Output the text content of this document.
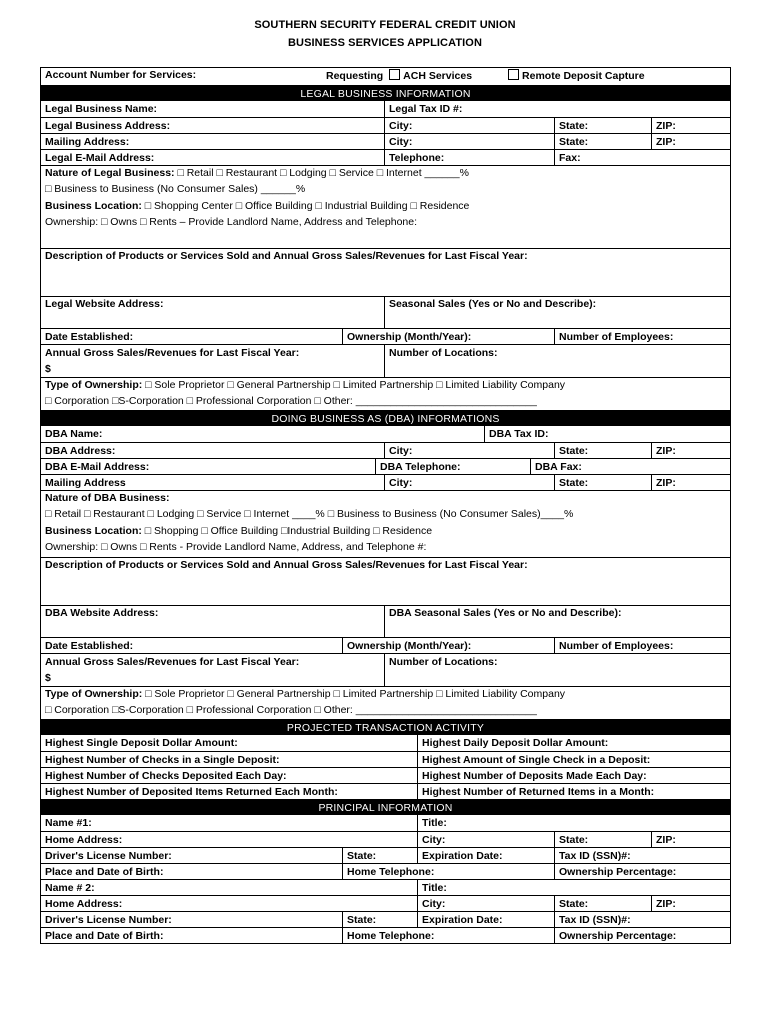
SOUTHERN SECURITY FEDERAL CREDIT UNION
BUSINESS SERVICES APPLICATION
Account Number for Services:	Requesting ACH Services	Remote Deposit Capture
LEGAL BUSINESS INFORMATION
Legal Business Name:	Legal Tax ID #:
Legal Business Address:	City:	State:	ZIP:
Mailing Address:	City:	State:	ZIP:
Legal E-Mail Address:	Telephone:	Fax:
Nature of Legal Business: □ Retail □ Restaurant □ Lodging □ Service □ Internet ______%
□ Business to Business (No Consumer Sales) ______%
Business Location: □ Shopping Center □ Office Building □ Industrial Building □ Residence
Ownership: □ Owns □ Rents – Provide Landlord Name, Address and Telephone:
Description of Products or Services Sold and Annual Gross Sales/Revenues for Last Fiscal Year:
Legal Website Address:	Seasonal Sales (Yes or No and Describe):
Date Established:	Ownership (Month/Year):	Number of Employees:
Annual Gross Sales/Revenues for Last Fiscal Year:
$
Number of Locations:
Type of Ownership: □ Sole Proprietor □ General Partnership □ Limited Partnership □ Limited Liability Company
□ Corporation □S-Corporation □ Professional Corporation □ Other: _______________________________
DOING BUSINESS AS (DBA) INFORMATIONS
DBA Name:	DBA Tax ID:
DBA Address:	City:	State:	ZIP:
DBA E-Mail Address:	DBA Telephone:	DBA Fax:
Mailing Address	City:	State:	ZIP:
Nature of DBA Business:
□ Retail □ Restaurant □ Lodging □ Service □ Internet ____% □ Business to Business (No Consumer Sales)____%
Business Location: □ Shopping □ Office Building □Industrial Building □ Residence
Ownership: □ Owns □ Rents - Provide Landlord Name, Address, and Telephone #:
Description of Products or Services Sold and Annual Gross Sales/Revenues for Last Fiscal Year:
DBA Website Address:	DBA Seasonal Sales (Yes or No and Describe):
Date Established:	Ownership (Month/Year):	Number of Employees:
Annual Gross Sales/Revenues for Last Fiscal Year:
$
Number of Locations:
Type of Ownership: □ Sole Proprietor □ General Partnership □ Limited Partnership □ Limited Liability Company
□ Corporation □S-Corporation □ Professional Corporation □ Other: _______________________________
PROJECTED TRANSACTION ACTIVITY
Highest Single Deposit Dollar Amount:	Highest Daily Deposit Dollar Amount:
Highest Number of Checks in a Single Deposit:	Highest Amount of Single Check in a Deposit:
Highest Number of Checks Deposited Each Day:	Highest Number of Deposits Made Each Day:
Highest Number of Deposited Items Returned Each Month:	Highest Number of Returned Items in a Month:
PRINCIPAL INFORMATION
Name #1:	Title:
Home Address:	City:	State:	ZIP:
Driver's License Number:	State:	Expiration Date:	Tax ID (SSN)#:
Place and Date of Birth:	Home Telephone:	Ownership Percentage:
Name # 2:	Title:
Home Address:	City:	State:	ZIP:
Driver's License Number:	State:	Expiration Date:	Tax ID (SSN)#:
Place and Date of Birth:	Home Telephone:	Ownership Percentage:
